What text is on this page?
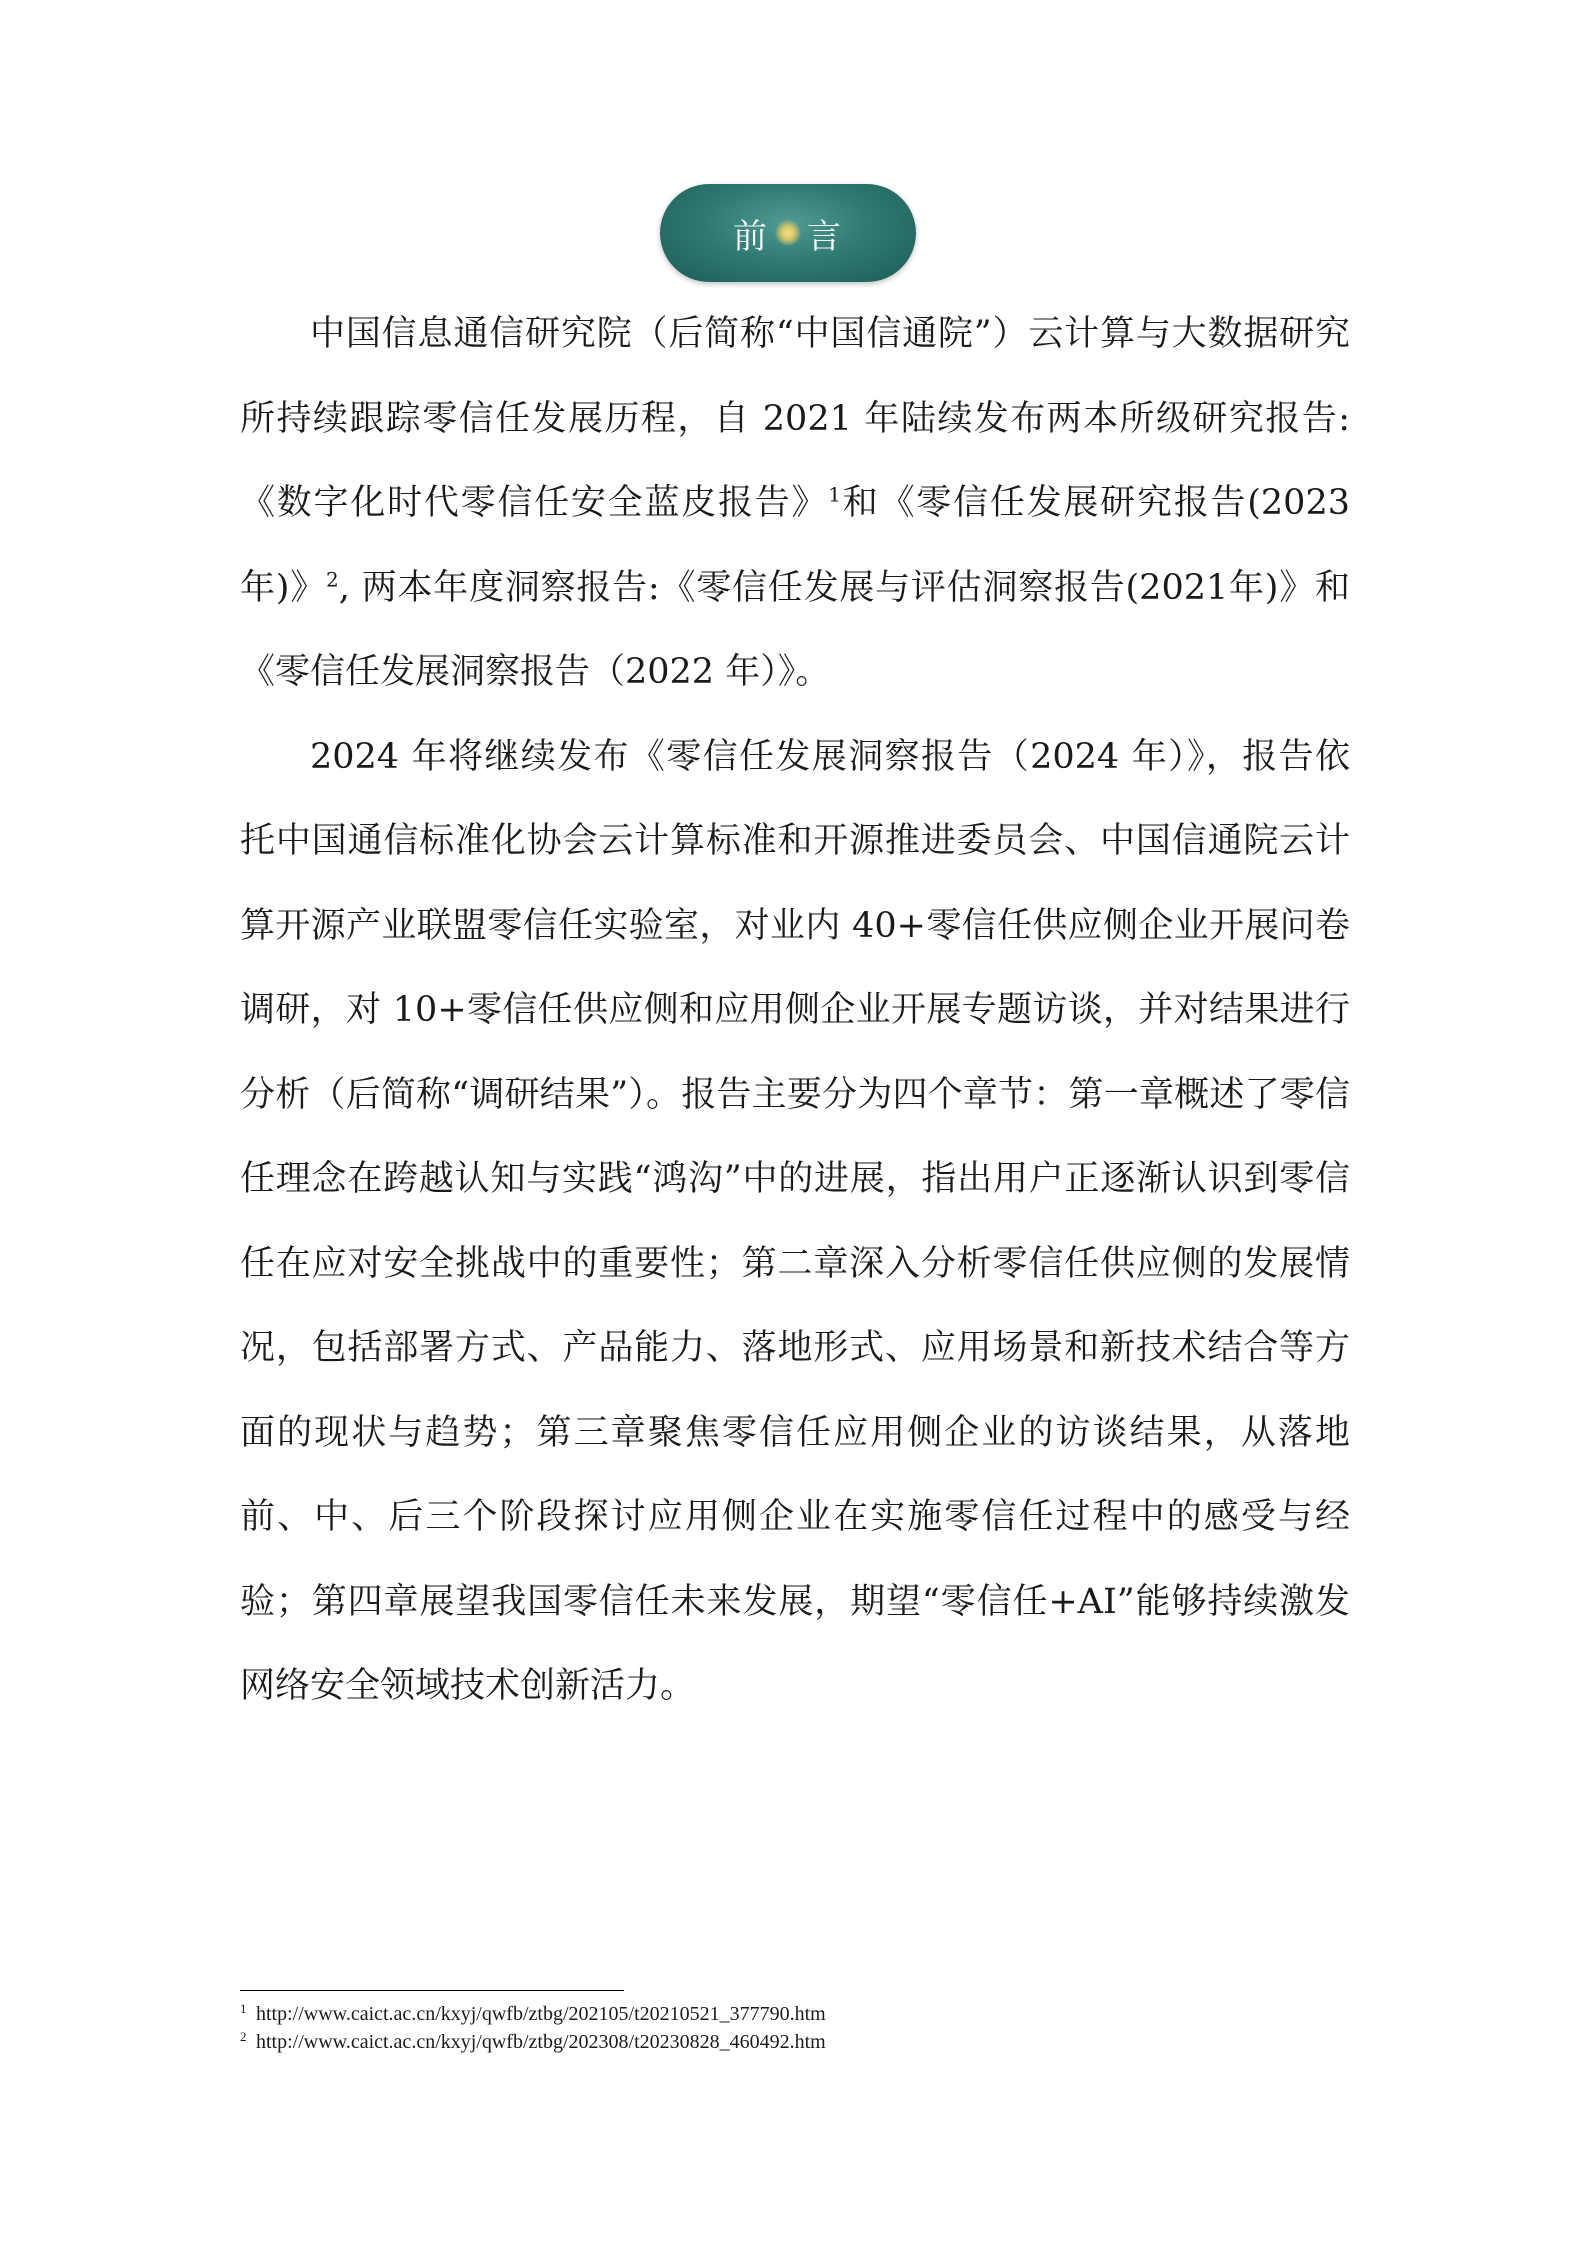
前 言

中国信息通信研究院（后简称“中国信通院”）云计算与大数据研究所持续跟踪零信任发展历程，自 2021 年陆续发布两本所级研究报告:《数字化时代零信任安全蓝皮报告》$^1$和《零信任发展研究报告(2023年)》$^2$, 两本年度洞察报告:《零信任发展与评估洞察报告(2021年)》和《零信任发展洞察报告（2022 年）》。

2024 年将继续发布《零信任发展洞察报告（2024 年）》，报告依托中国通信标准化协会云计算标准和开源推进委员会、中国信通院云计算开源产业联盟零信任实验室，对业内 40+零信任供应侧企业开展问卷调研，对 10+零信任供应侧和应用侧企业开展专题访谈，并对结果进行分析（后简称“调研结果”）。报告主要分为四个章节：第一章概述了零信任理念在跨越认知与实践“鸿沟”中的进展，指出用户正逐渐认识到零信任在应对安全挑战中的重要性；第二章深入分析零信任供应侧的发展情况，包括部署方式、产品能力、落地形式、应用场景和新技术结合等方面的现状与趋势；第三章聚焦零信任应用侧企业的访谈结果，从落地前、中、后三个阶段探讨应用侧企业在实施零信任过程中的感受与经验；第四章展望我国零信任未来发展，期望“零信任+AI”能够持续激发网络安全领域技术创新活力。

1 http://www.caict.ac.cn/kxyj/qwfb/ztbg/202105/t20210521_377790.htm
2 http://www.caict.ac.cn/kxyj/qwfb/ztbg/202308/t20230828_460492.htm
